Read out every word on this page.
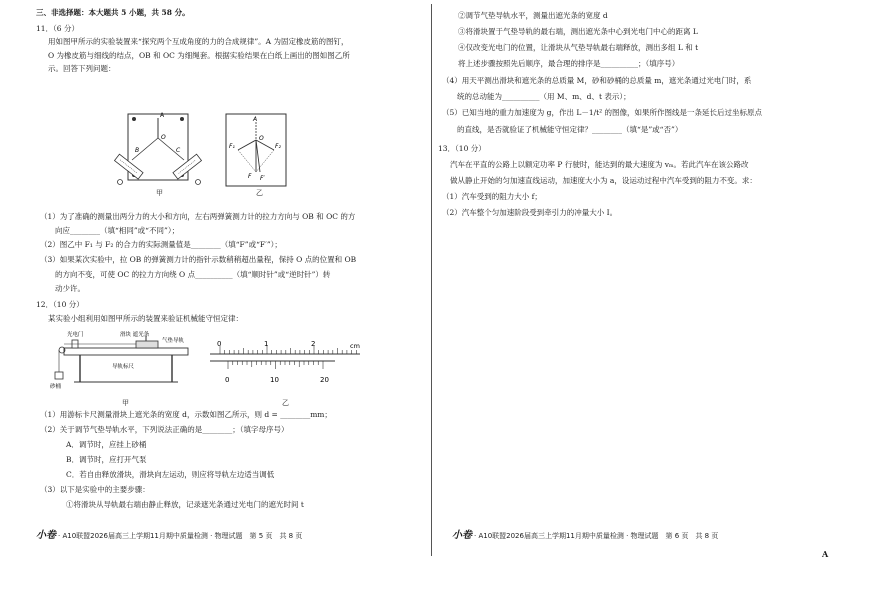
三、非选择题：本大题共 5 小题，共 58 分。
11．（6 分）
用如图甲所示的实验装置来“探究两个互成角度的力的合成规律”。A 为固定橡皮筋的图钉，
O 为橡皮筋与细线的结点，OB 和 OC 为细绳套。根据实验结果在白纸上画出的图如图乙所
示。回答下列问题：
A
O
B	C
甲
A
O
F₁	F₂
F F′
乙
（1）为了准确的测量出两分力的大小和方向，左右两弹簧测力计的拉力方向与 OB 和 OC 的方
　　向应________（填“相同”或“不同”）；
（2）图乙中 F₁ 与 F₂ 的合力的实际测量值是________（填“F”或“F′”）；
（3）如果某次实验中，拉 OB 的弹簧测力计的指针示数稍稍超出量程，保持 O 点的位置和 OB
　　的方向不变，可使 OC 的拉力方向绕 O 点__________（填“顺时针”或“逆时针”）转
　　动少许。
12．（10 分）
某实验小组利用如图甲所示的装置来验证机械能守恒定律：
光电门	滑块 遮光条
气垫导轨
砂桶
导轨标尺
甲
cm
0	1	2
0	10	20
乙
（1）用游标卡尺测量滑块上遮光条的宽度 d，示数如图乙所示，则 d = ________mm；
（2）关于调节气垫导轨水平，下列说法正确的是________；（填字母序号）
A．调节时，应挂上砂桶
B．调节时，应打开气泵
C．若自由释放滑块，滑块向左运动，则应将导轨左边适当调低
（3）以下是实验中的主要步骤：
①将滑块从导轨最右端由静止释放，记录遮光条通过光电门的遮光时间 t
小卷 · A10联盟2026届高三上学期11月期中质量检测 · 物理试题　第 5 页　共 8 页
②调节气垫导轨水平，测量出遮光条的宽度 d
③将滑块置于气垫导轨的最右端，测出遮光条中心到光电门中心的距离 L
④仅改变光电门的位置，让滑块从气垫导轨最右端释放，测出多组 L 和 t
将上述步骤按照先后顺序，最合理的排序是__________；（填序号）
（4）用天平测出滑块和遮光条的总质量 M，砂和砂桶的总质量 m，遮光条通过光电门时，系
　　统的总动能为__________（用 M、m、d、t 表示）；
（5）已知当地的重力加速度为 g，作出 L－1/t² 的图像，如果所作图线是一条延长后过坐标原点
　　的直线，是否就验证了机械能守恒定律？________（填“是”或“否”）
13．（10 分）
汽车在平直的公路上以额定功率 P 行驶时，能达到的最大速度为 vₘ。若此汽车在该公路改
做从静止开始的匀加速直线运动，加速度大小为 a，设运动过程中汽车受到的阻力不变。求：
（1）汽车受到的阻力大小 f；
（2）汽车整个匀加速阶段受到牵引力的冲量大小 I。
小卷 · A10联盟2026届高三上学期11月期中质量检测 · 物理试题　第 6 页　共 8 页
A
